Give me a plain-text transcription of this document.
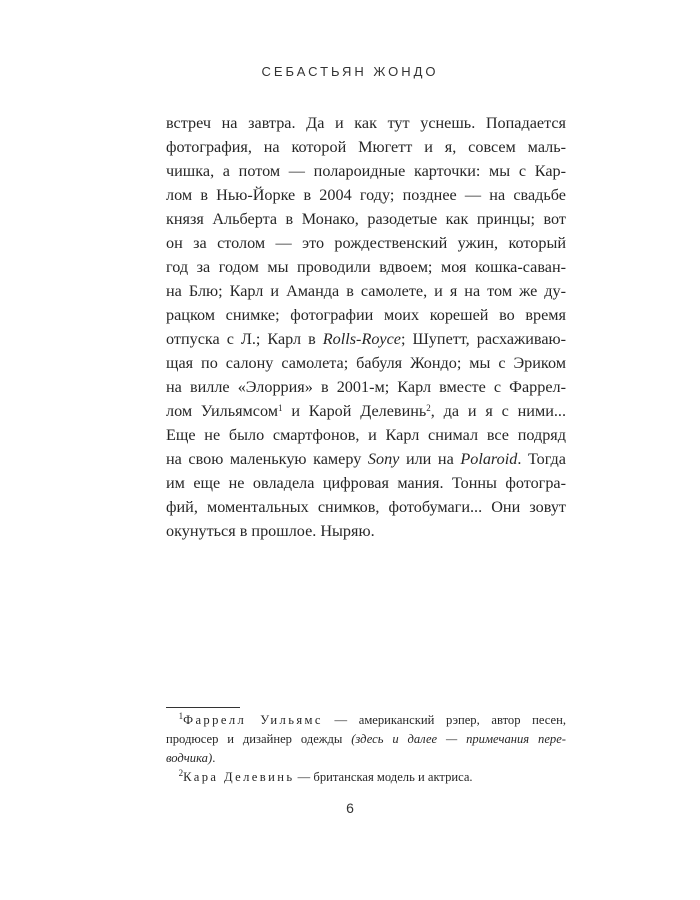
СЕБАСТЬЯН ЖОНДО
встреч на завтра. Да и как тут уснешь. Попадается
фотография, на которой Мюгетт и я, совсем маль-
чишка, а потом — полароидные карточки: мы с Кар-
лом в Нью-Йорке в 2004 году; позднее — на свадьбе
князя Альберта в Монако, разодетые как принцы; вот
он за столом — это рождественский ужин, который
год за годом мы проводили вдвоем; моя кошка-саван-
на Блю; Карл и Аманда в самолете, и я на том же ду-
рацком снимке; фотографии моих корешей во время
отпуска с Л.; Карл в Rolls-Royce; Шупетт, расхаживаю-
щая по салону самолета; бабуля Жондо; мы с Эриком
на вилле «Элоррия» в 2001-м; Карл вместе с Фаррел-
лом Уильямсом$^1$ и Карой Делевинь$^2$, да и я с ними...
Еще не было смартфонов, и Карл снимал все подряд
на свою маленькую камеру Sony или на Polaroid. Тогда
им еще не овладела цифровая мания. Тонны фотогра-
фий, моментальных снимков, фотобумаги... Они зовут
окунуться в прошлое. Ныряю.
 $^1$Фаррелл Уильямс — американский рэпер, автор песен,
продюсер и дизайнер одежды (здесь и далее — примечания пере-
водчика).
 $^2$Кара Делевинь — британская модель и актриса.
6
